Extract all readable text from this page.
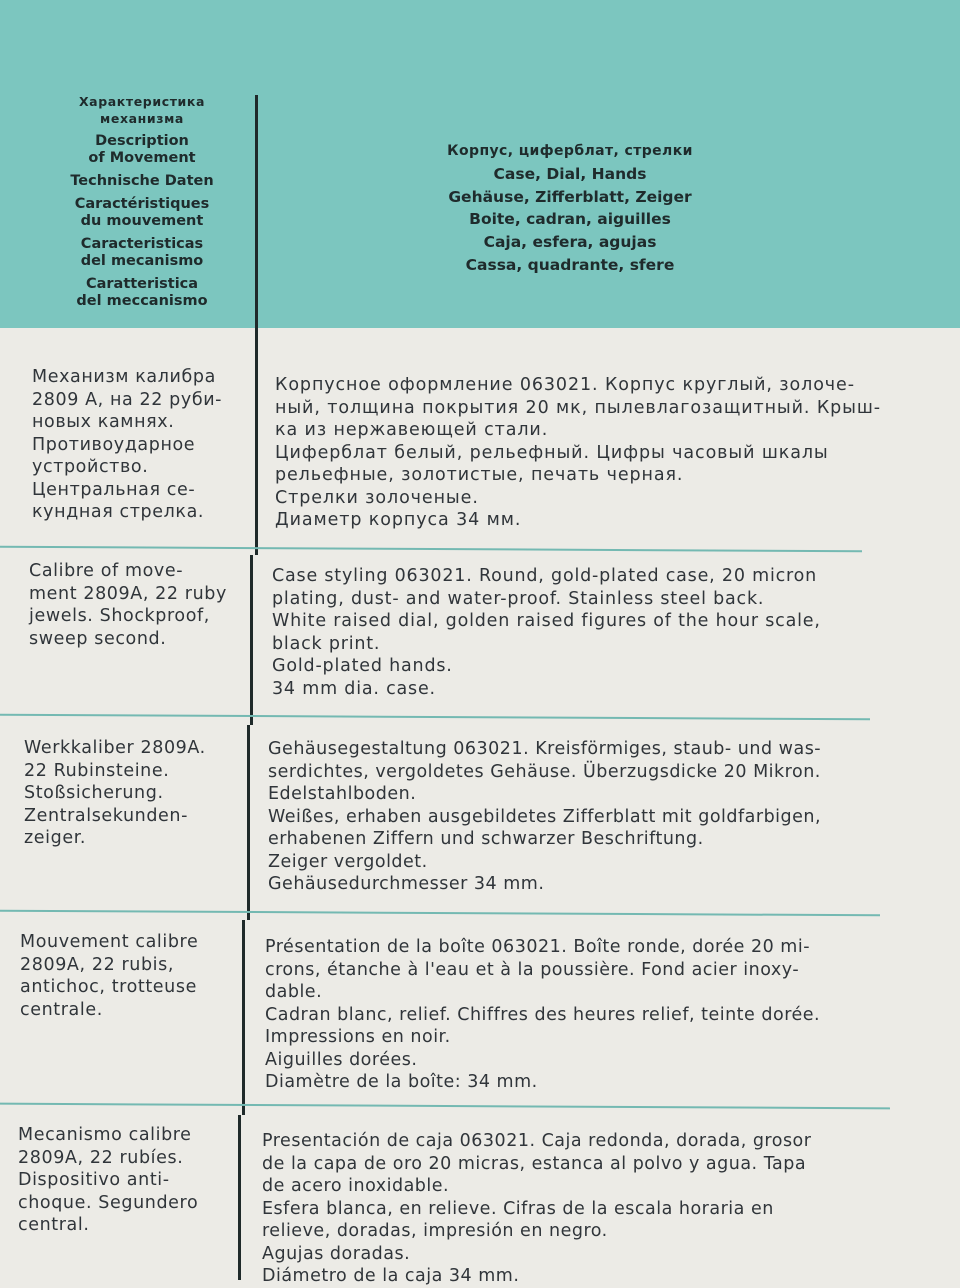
Характеристика
механизма
Description
of Movement
Technische Daten
Caractéristiques
du mouvement
Caracteristicas
del mecanismo
Caratteristica
del meccanismo
Корпус, циферблат, стрелки
Case, Dial, Hands
Gehäuse, Zifferblatt, Zeiger
Boite, cadran, aiguilles
Caja, esfera, agujas
Cassa, quadrante, sfere
Механизм калибра
2809 А, на 22 руби-
новых камнях.
Противоударное
устройство.
Центральная се-
кундная стрелка.
Корпусное оформление 063021. Корпус круглый, золоче-
ный, толщина покрытия 20 мк, пылевлагозащитный. Крыш-
ка из нержавеющей стали.
Циферблат белый, рельефный. Цифры часовый шкалы
рельефные, золотистые, печать черная.
Стрелки золоченые.
Диаметр корпуса 34 мм.
Calibre of move-
ment 2809A, 22 ruby
jewels. Shockproof,
sweep second.
Case styling 063021. Round, gold-plated case, 20 micron
plating, dust- and water-proof. Stainless steel back.
White raised dial, golden raised figures of the hour scale,
black print.
Gold-plated hands.
34 mm dia. case.
Werkkaliber 2809A.
22 Rubinsteine.
Stoßsicherung.
Zentralsekunden-
zeiger.
Gehäusegestaltung 063021. Kreisförmiges, staub- und was-
serdichtes, vergoldetes Gehäuse. Überzugsdicke 20 Mikron.
Edelstahlboden.
Weißes, erhaben ausgebildetes Zifferblatt mit goldfarbigen,
erhabenen Ziffern und schwarzer Beschriftung.
Zeiger vergoldet.
Gehäusedurchmesser 34 mm.
Mouvement calibre
2809A, 22 rubis,
antichoc, trotteuse
centrale.
Présentation de la boîte 063021. Boîte ronde, dorée 20 mi-
crons, étanche à l'eau et à la poussière. Fond acier inoxy-
dable.
Cadran blanc, relief. Chiffres des heures relief, teinte dorée.
Impressions en noir.
Aiguilles dorées.
Diamètre de la boîte: 34 mm.
Mecanismo calibre
2809A, 22 rubíes.
Dispositivo anti-
choque. Segundero
central.
Presentación de caja 063021. Caja redonda, dorada, grosor
de la capa de oro 20 micras, estanca al polvo y agua. Tapa
de acero inoxidable.
Esfera blanca, en relieve. Cifras de la escala horaria en
relieve, doradas, impresión en negro.
Agujas doradas.
Diámetro de la caja 34 mm.
